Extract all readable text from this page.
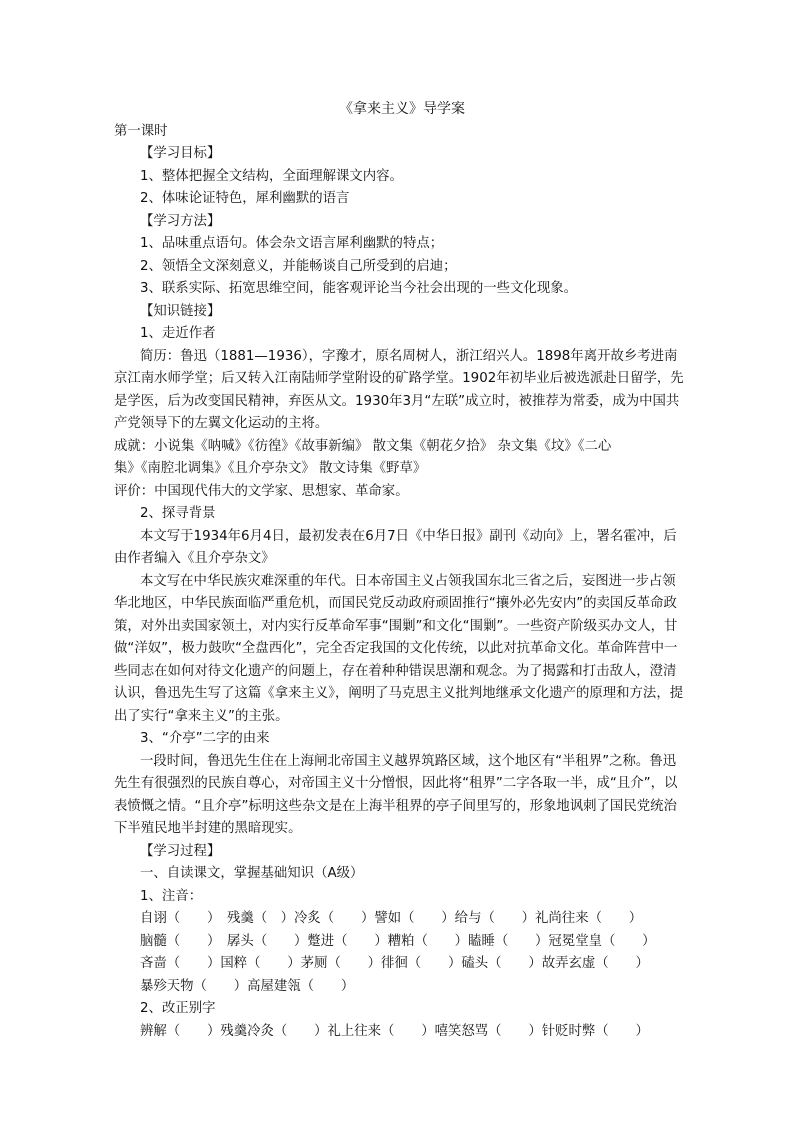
《拿来主义》导学案
第一课时
【学习目标】
1、整体把握全文结构，全面理解课文内容。
2、体味论证特色，犀利幽默的语言
【学习方法】
1、品味重点语句。体会杂文语言犀利幽默的特点；
2、领悟全文深刻意义，并能畅谈自己所受到的启迪；
3、联系实际、拓宽思维空间，能客观评论当今社会出现的一些文化现象。
【知识链接】
1、走近作者
简历：鲁迅（1881—1936），字豫才，原名周树人，浙江绍兴人。1898年离开故乡考进南京江南水师学堂；后又转入江南陆师学堂附设的矿路学堂。1902年初毕业后被选派赴日留学，先是学医，后为改变国民精神，弃医从文。1930年3月“左联”成立时，被推荐为常委，成为中国共产党领导下的左翼文化运动的主将。
成就：小说集《呐喊》《彷徨》《故事新编》 散文集《朝花夕拾》 杂文集《坟》《二心
集》《南腔北调集》《且介亭杂文》 散文诗集《野草》
评价：中国现代伟大的文学家、思想家、革命家。
2、探寻背景
本文写于1934年6月4日，最初发表在6月7日《中华日报》副刊《动向》上，署名霍冲，后由作者编入《且介亭杂文》
本文写在中华民族灾难深重的年代。日本帝国主义占领我国东北三省之后，妄图进一步占领华北地区，中华民族面临严重危机，而国民党反动政府顽固推行“攘外必先安内”的卖国反革命政策，对外出卖国家领土，对内实行反革命军事“围剿”和文化“围剿”。一些资产阶级买办文人，甘做“洋奴”，极力鼓吹“全盘西化”，完全否定我国的文化传统，以此对抗革命文化。革命阵营中一些同志在如何对待文化遗产的问题上，存在着种种错误思潮和观念。为了揭露和打击敌人，澄清认识，鲁迅先生写了这篇《拿来主义》，阐明了马克思主义批判地继承文化遗产的原理和方法，提出了实行“拿来主义”的主张。
3、“介亭”二字的由来
一段时间，鲁迅先生住在上海闸北帝国主义越界筑路区域，这个地区有“半租界”之称。鲁迅先生有很强烈的民族自尊心，对帝国主义十分憎恨，因此将“租界”二字各取一半，成“且介”，以表愤慨之情。“且介亭”标明这些杂文是在上海半租界的亭子间里写的，形象地讽刺了国民党统治下半殖民地半封建的黑暗现实。
【学习过程】
一、自读课文，掌握基础知识（A级）
1、注音：
自诩（　　）　残羹（　）冷炙（　　）譬如（　　）给与（　　）礼尚往来（　　）
脑髓（　　）　孱头（　　）蹩进（　　）糟粕（　　）瞌睡（　　）冠冕堂皇（　　）
吝啬（　　）国粹（　　）茅厕（　　）徘徊（　　）磕头（　　）故弄玄虚（　　）
暴殄天物（　　）高屋建瓴（　　）
2、改正别字
辨解（　　）残羹冷灸（　　）礼上往来（　　）嘻笑怒骂（　　）针贬时弊（　　）
